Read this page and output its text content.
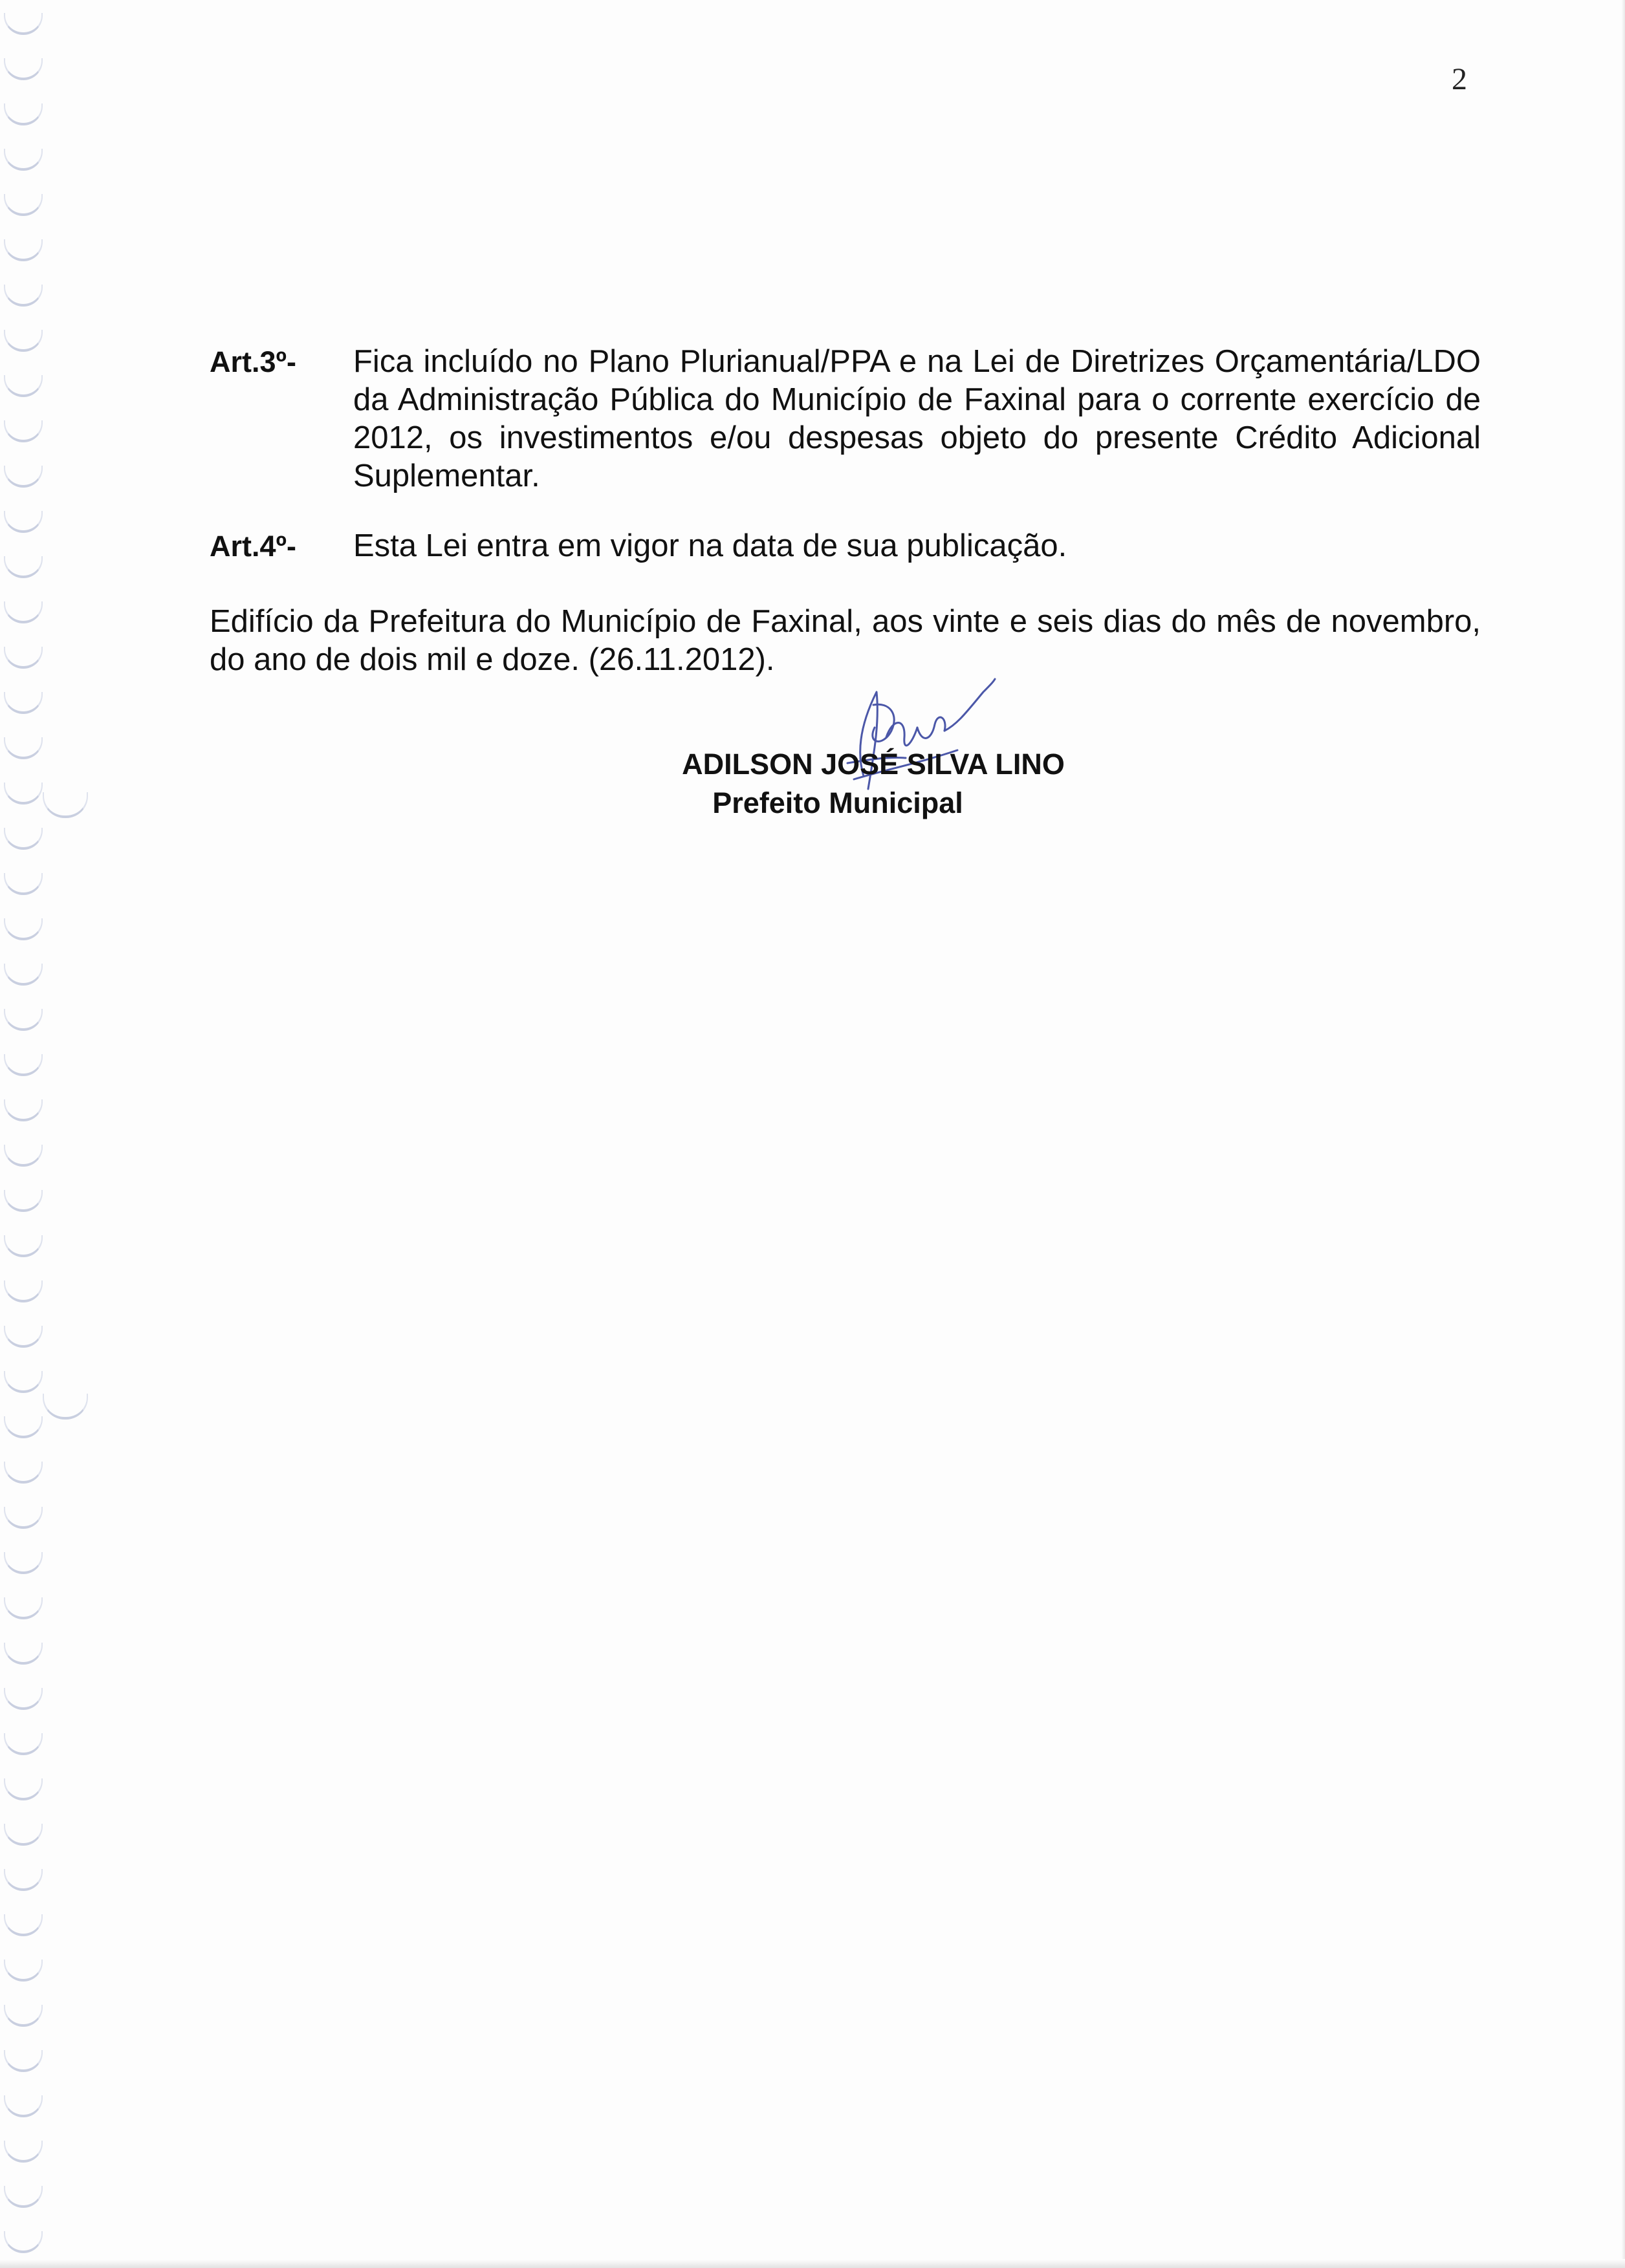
2
Art.3º-	Fica incluído no Plano Plurianual/PPA e na Lei de Diretrizes Orçamentária/LDO da Administração Pública do Município de Faxinal para o corrente exercício de 2012, os investimentos e/ou despesas objeto do presente Crédito Adicional Suplementar.
Art.4º-	Esta Lei entra em vigor na data de sua publicação.
Edifício da Prefeitura do Município de Faxinal, aos vinte e seis dias do mês de novembro, do ano de dois mil e doze. (26.11.2012).
ADILSON JOSÉ SILVA LINO
Prefeito Municipal
